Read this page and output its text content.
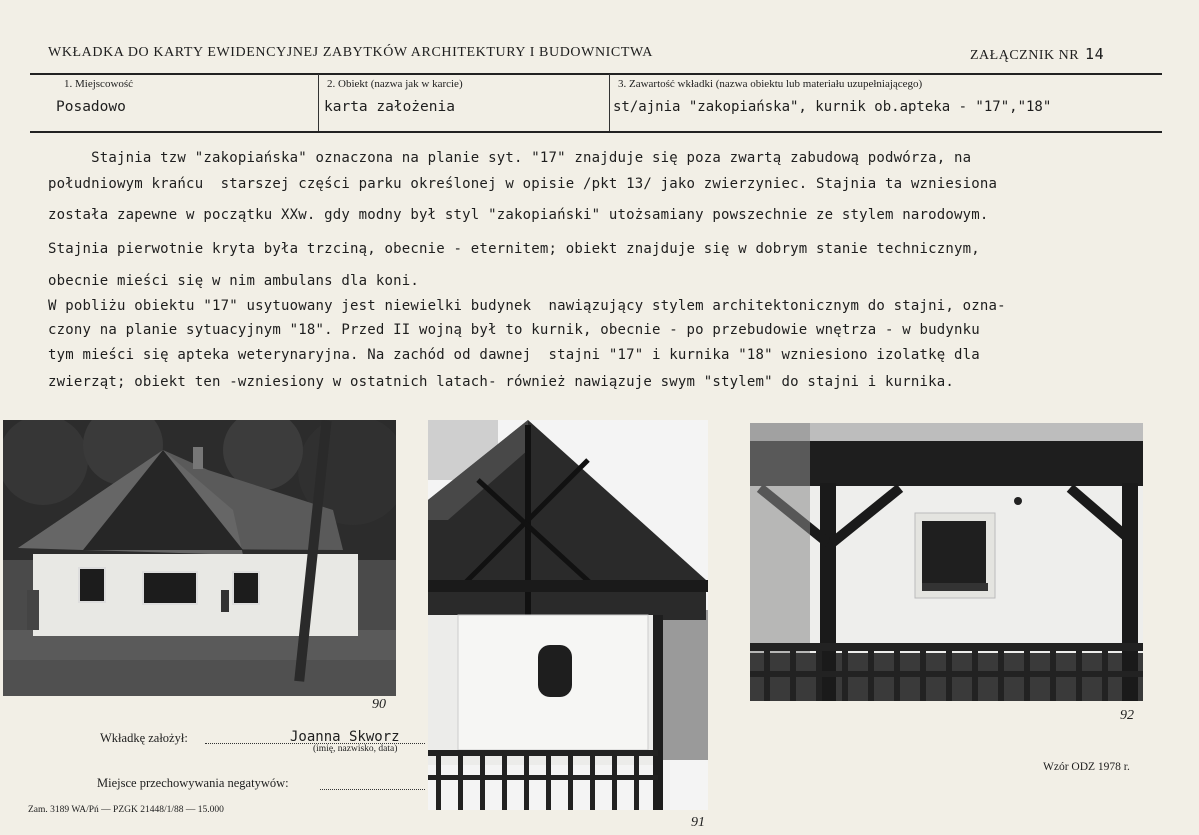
WKŁADKA DO KARTY EWIDENCYJNEJ ZABYTKÓW ARCHITEKTURY I BUDOWNICTWA	ZAŁĄCZNIK NR 14
1. Miejscowość
Posadowo
2. Obiekt (nazwa jak w karcie)
karta założenia
3. Zawartość wkładki (nazwa obiektu lub materiału uzupełniającego)
st/ajnia "zakopiańska", kurnik ob.apteka - "17","18"
Stajnia tzw "zakopiańska" oznaczona na planie syt. "17" znajduje się poza zwartą zabudową podwórza, na
południowym krańcu  starszej części parku określonej w opisie /pkt 13/ jako zwierzyniec. Stajnia ta wzniesiona
została zapewne w początku XXw. gdy modny był styl "zakopiański" utożsamiany powszechnie ze stylem narodowym.
Stajnia pierwotnie kryta była trzciną, obecnie - eternitem; obiekt znajduje się w dobrym stanie technicznym,
obecnie mieści się w nim ambulans dla koni.
W pobliżu obiektu "17" usytuowany jest niewielki budynek  nawiązujący stylem architektonicznym do stajni, ozna-
czony na planie sytuacyjnym "18". Przed II wojną był to kurnik, obecnie - po przebudowie wnętrza - w budynku
tym mieści się apteka weterynaryjna. Na zachód od dawnej  stajni "17" i kurnika "18" wzniesiono izolatkę dla
zwierząt; obiekt ten -wzniesiony w ostatnich latach- również nawiązuje swym "stylem" do stajni i kurnika.
90
91
92
Wkładkę założył:	Joanna Skworz
(imię, nazwisko, data)
Miejsce przechowywania negatywów:
Zam. 3189 WA/Pń — PZGK 21448/1/88 — 15.000
Wzór ODZ 1978 r.
